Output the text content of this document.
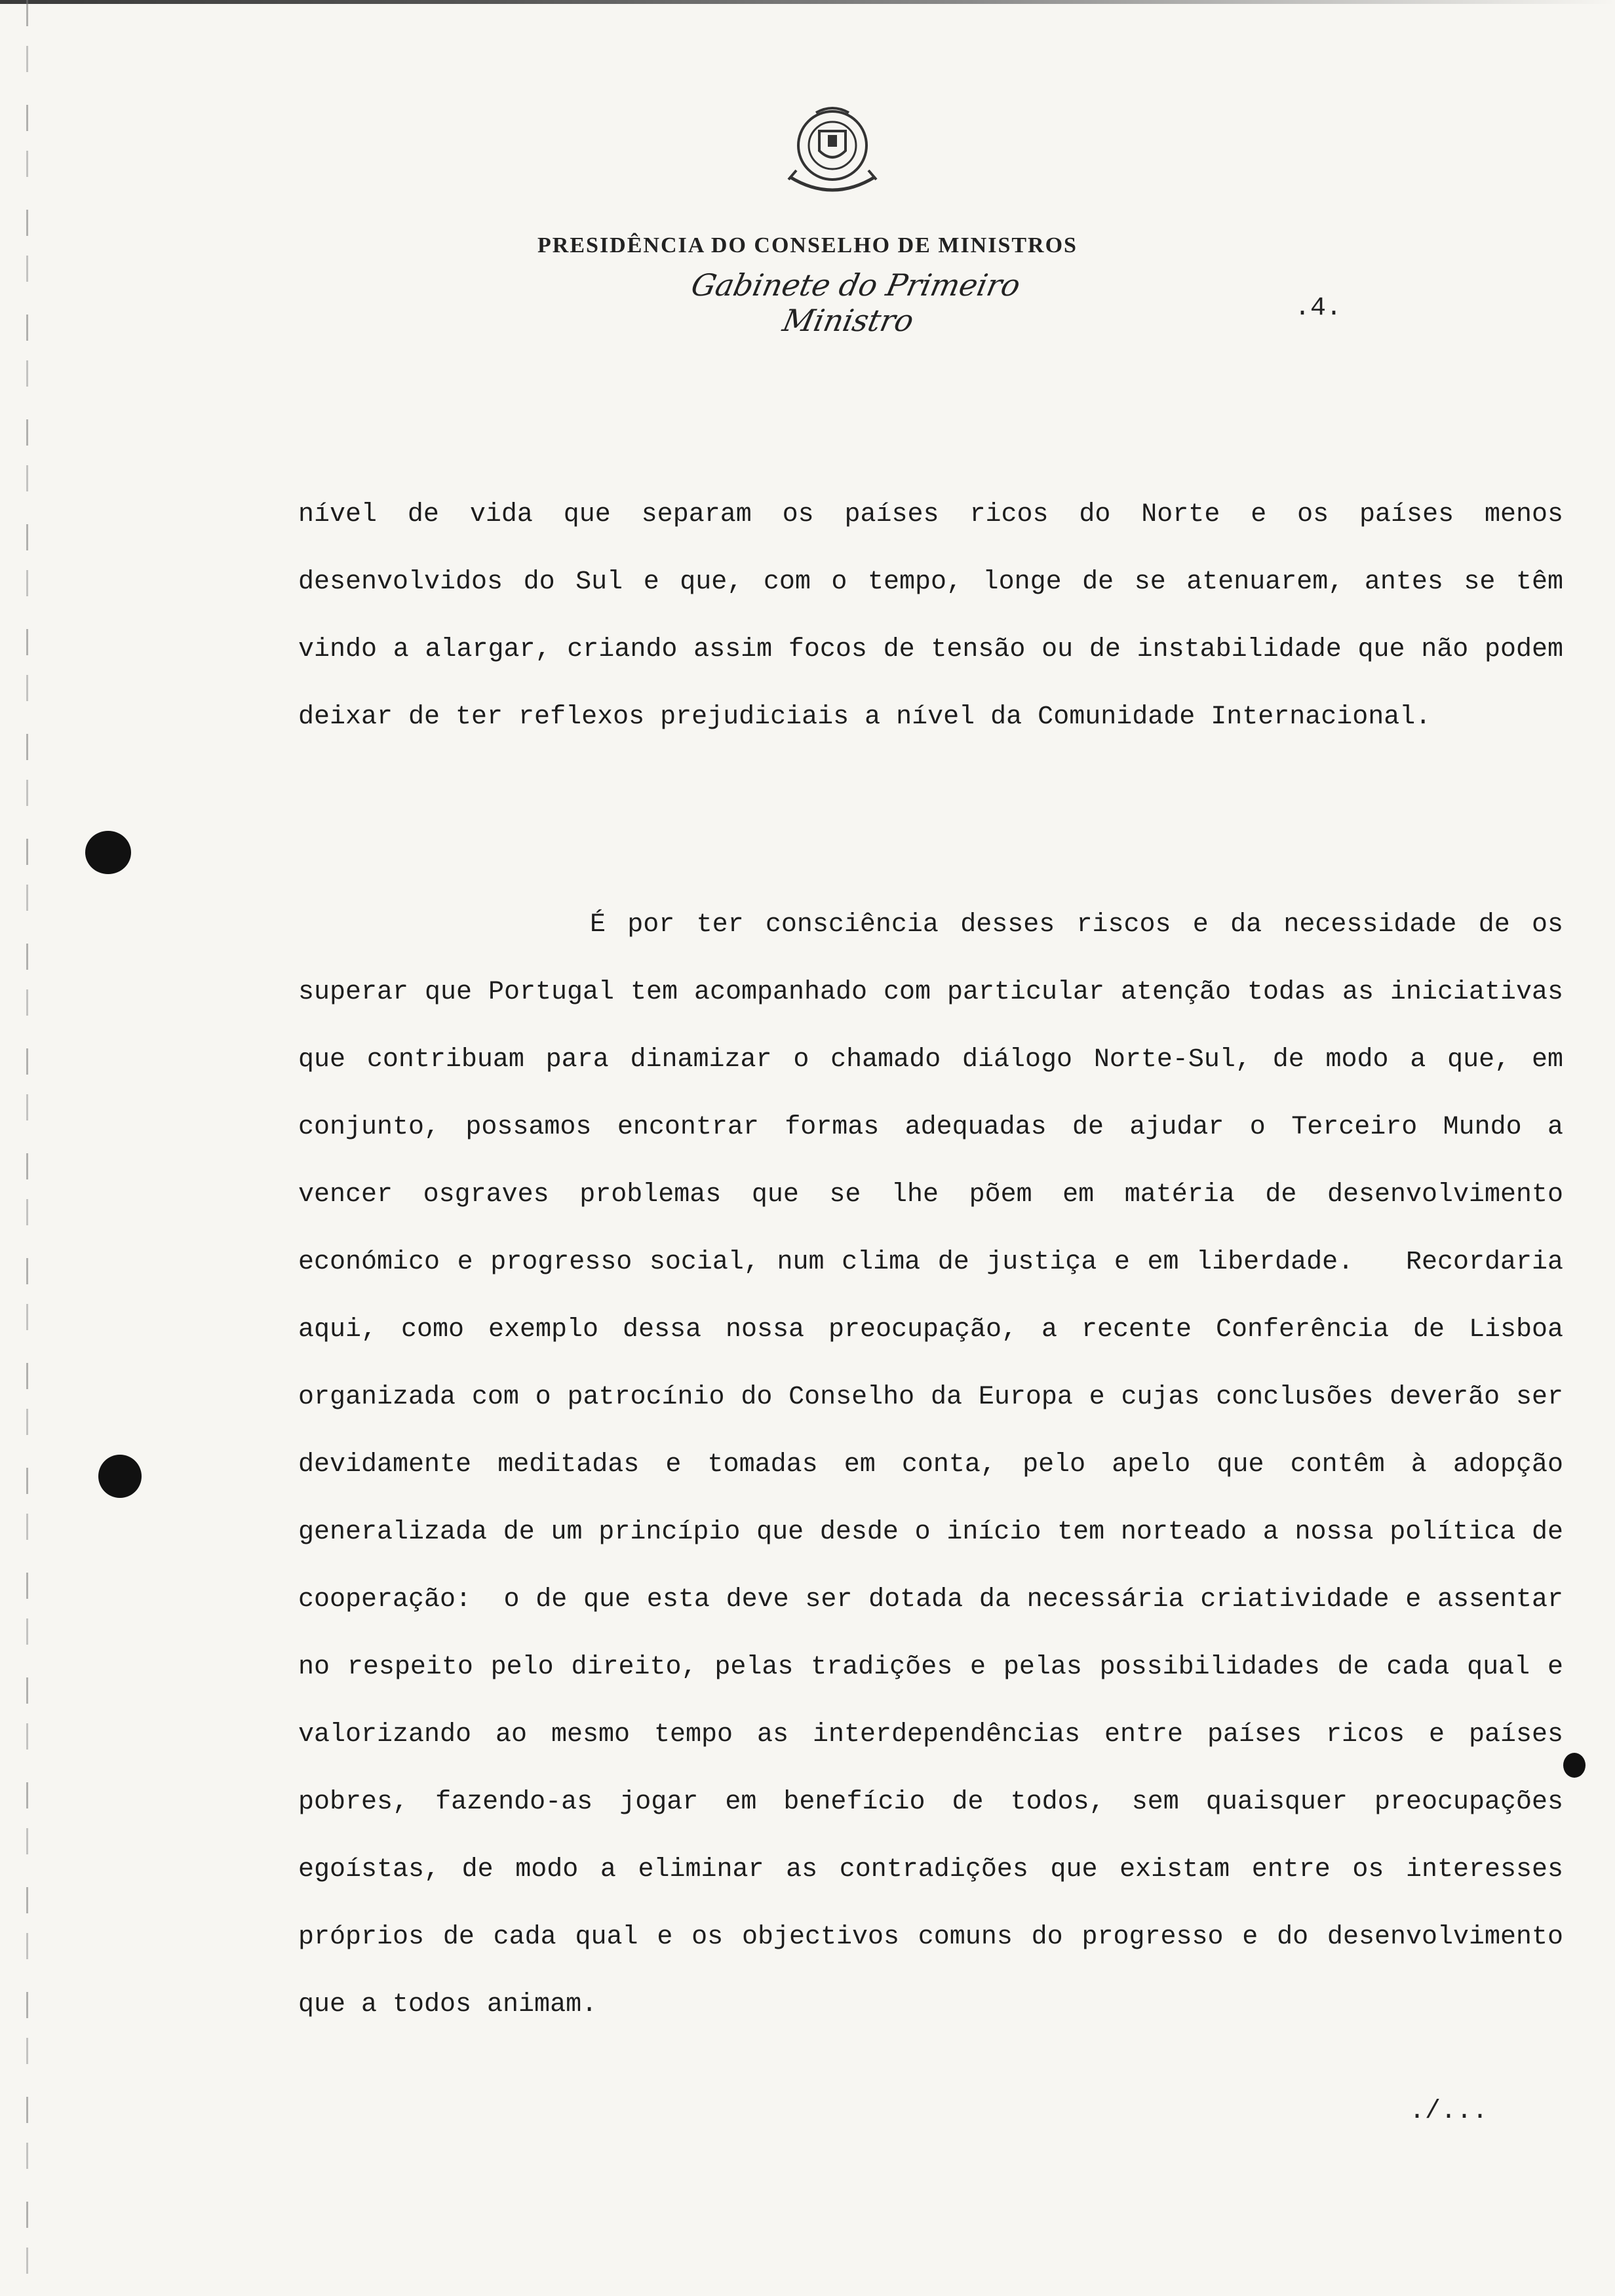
PRESIDÊNCIA DO CONSELHO DE MINISTROS
Gabinete do Primeiro Ministro	.4.

nível de vida que separam os países ricos do Norte e os países menos desenvolvidos do Sul e que, com o tempo, longe de se atenuarem, antes se têm vindo a alargar, criando assim focos de tensão ou de instabilidade que não podem deixar de ter reflexos prejudiciais a nível da Comunidade Internacional.

É por ter consciência desses riscos e da necessidade de os superar que Portugal tem acompanhado com particular atenção todas as iniciativas que contribuam para dinamizar o chamado diálogo Norte-Sul, de modo a que, em conjunto, possamos encontrar formas adequadas de ajudar o Terceiro Mundo a vencer osgraves problemas que se lhe põem em matéria de desenvolvimento económico e progresso social, num clima de justiça e em liberdade.   Recordaria aqui, como exemplo dessa nossa preocupação, a recente Conferência de Lisboa organizada com o patrocínio do Conselho da Europa e cujas conclusões deverão ser devidamente meditadas e tomadas em conta, pelo apelo que contêm à adopção generalizada de um princípio que desde o início tem norteado a nossa política de cooperação:  o de que esta deve ser dotada da necessária criatividade e assentar no respeito pelo direito, pelas tradições e pelas possibilidades de cada qual e valorizando ao mesmo tempo as interdependências entre países ricos e países pobres, fazendo-as jogar em benefício de todos, sem quaisquer preocupações egoístas, de modo a eliminar as contradições que existam entre os interesses próprios de cada qual e os objectivos comuns do progresso e do desenvolvimento que a todos animam.

./...
